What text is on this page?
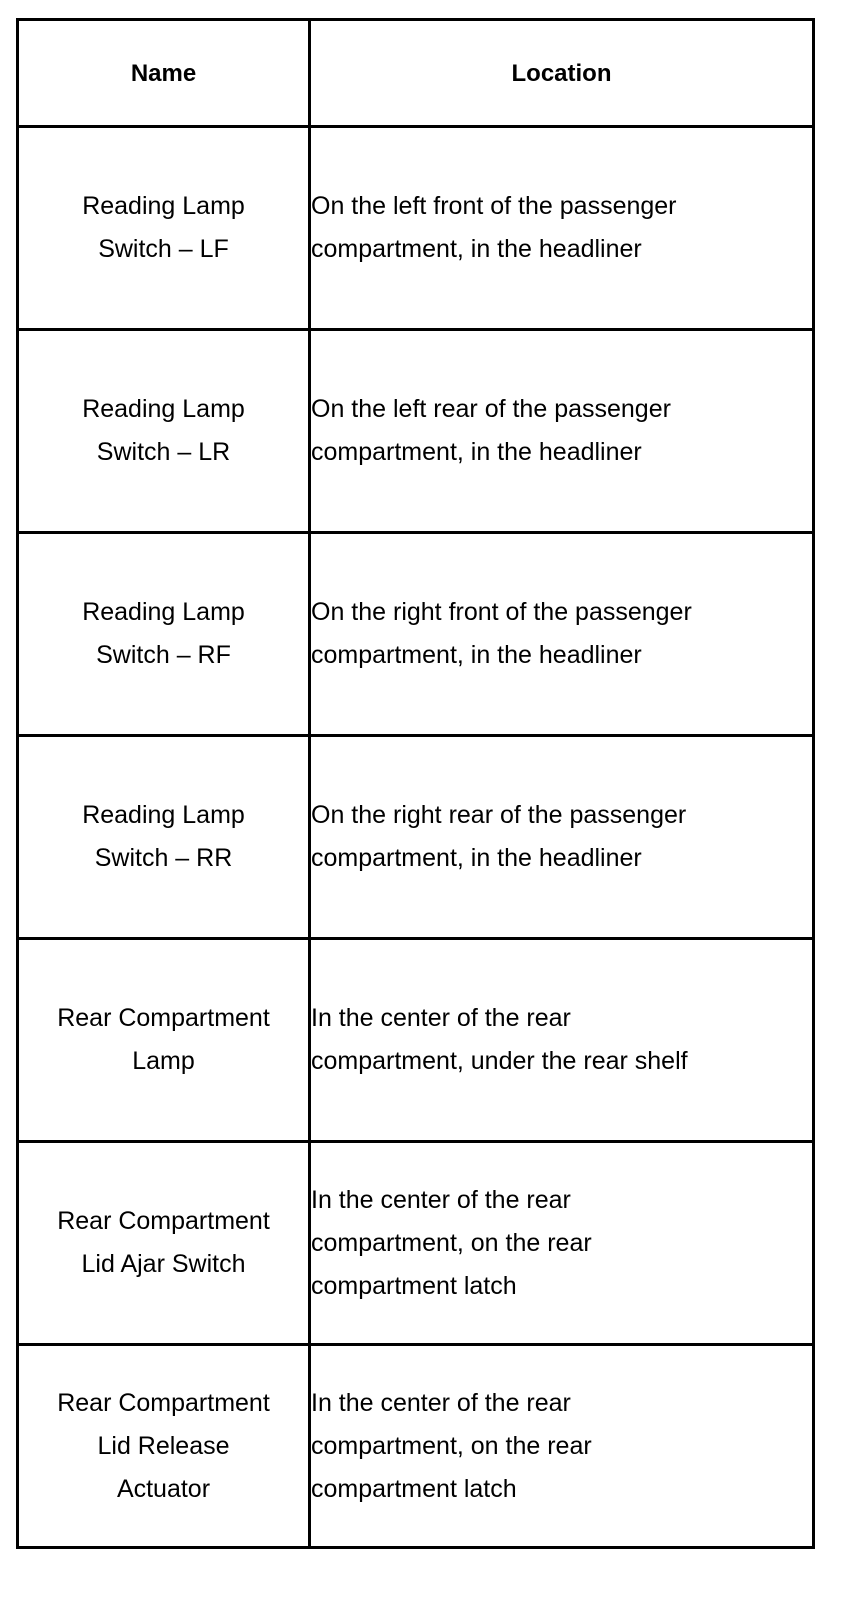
Name	Location

Reading Lamp
Switch – LF	On the left front of the passenger
compartment, in the headliner

Reading Lamp
Switch – LR	On the left rear of the passenger
compartment, in the headliner

Reading Lamp
Switch – RF	On the right front of the passenger
compartment, in the headliner

Reading Lamp
Switch – RR	On the right rear of the passenger
compartment, in the headliner

Rear Compartment
Lamp	In the center of the rear
compartment, under the rear shelf

Rear Compartment
Lid Ajar Switch	In the center of the rear
compartment, on the rear
compartment latch

Rear Compartment
Lid Release
Actuator	In the center of the rear
compartment, on the rear
compartment latch
